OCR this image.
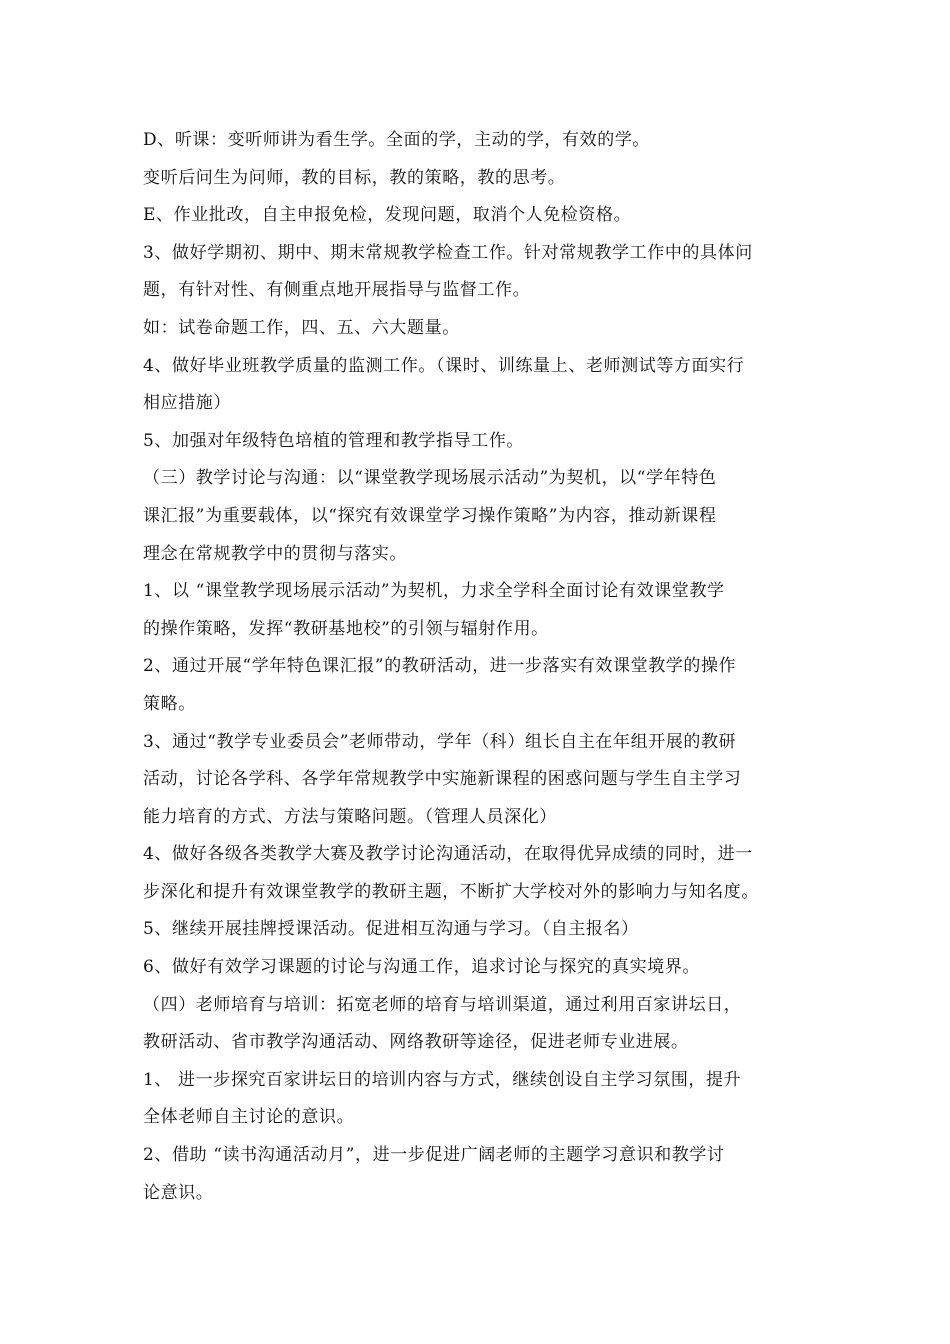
D、听课：变听师讲为看生学。全面的学，主动的学，有效的学。
变听后问生为问师，教的目标，教的策略，教的思考。
E、作业批改，自主申报免检，发现问题，取消个人免检资格。
3、做好学期初、期中、期末常规教学检查工作。针对常规教学工作中的具体问
题，有针对性、有侧重点地开展指导与监督工作。
如：试卷命题工作，四、五、六大题量。
4、做好毕业班教学质量的监测工作。（课时、训练量上、老师测试等方面实行
相应措施）
5、加强对年级特色培植的管理和教学指导工作。
（三）教学讨论与沟通：以“课堂教学现场展示活动”为契机，以“学年特色
课汇报”为重要载体，以“探究有效课堂学习操作策略”为内容，推动新课程
理念在常规教学中的贯彻与落实。
1、以 “课堂教学现场展示活动”为契机，力求全学科全面讨论有效课堂教学
的操作策略，发挥“教研基地校”的引领与辐射作用。
2、通过开展“学年特色课汇报”的教研活动，进一步落实有效课堂教学的操作
策略。
3、通过“教学专业委员会”老师带动，学年（科）组长自主在年组开展的教研
活动，讨论各学科、各学年常规教学中实施新课程的困惑问题与学生自主学习
能力培育的方式、方法与策略问题。（管理人员深化）
4、做好各级各类教学大赛及教学讨论沟通活动，在取得优异成绩的同时，进一
步深化和提升有效课堂教学的教研主题，不断扩大学校对外的影响力与知名度。
5、继续开展挂牌授课活动。促进相互沟通与学习。（自主报名）
6、做好有效学习课题的讨论与沟通工作，追求讨论与探究的真实境界。
（四）老师培育与培训：拓宽老师的培育与培训渠道，通过利用百家讲坛日，
教研活动、省市教学沟通活动、网络教研等途径，促进老师专业进展。
1、 进一步探究百家讲坛日的培训内容与方式，继续创设自主学习氛围，提升
全体老师自主讨论的意识。
2、借助 “读书沟通活动月”，进一步促进广阔老师的主题学习意识和教学讨
论意识。
